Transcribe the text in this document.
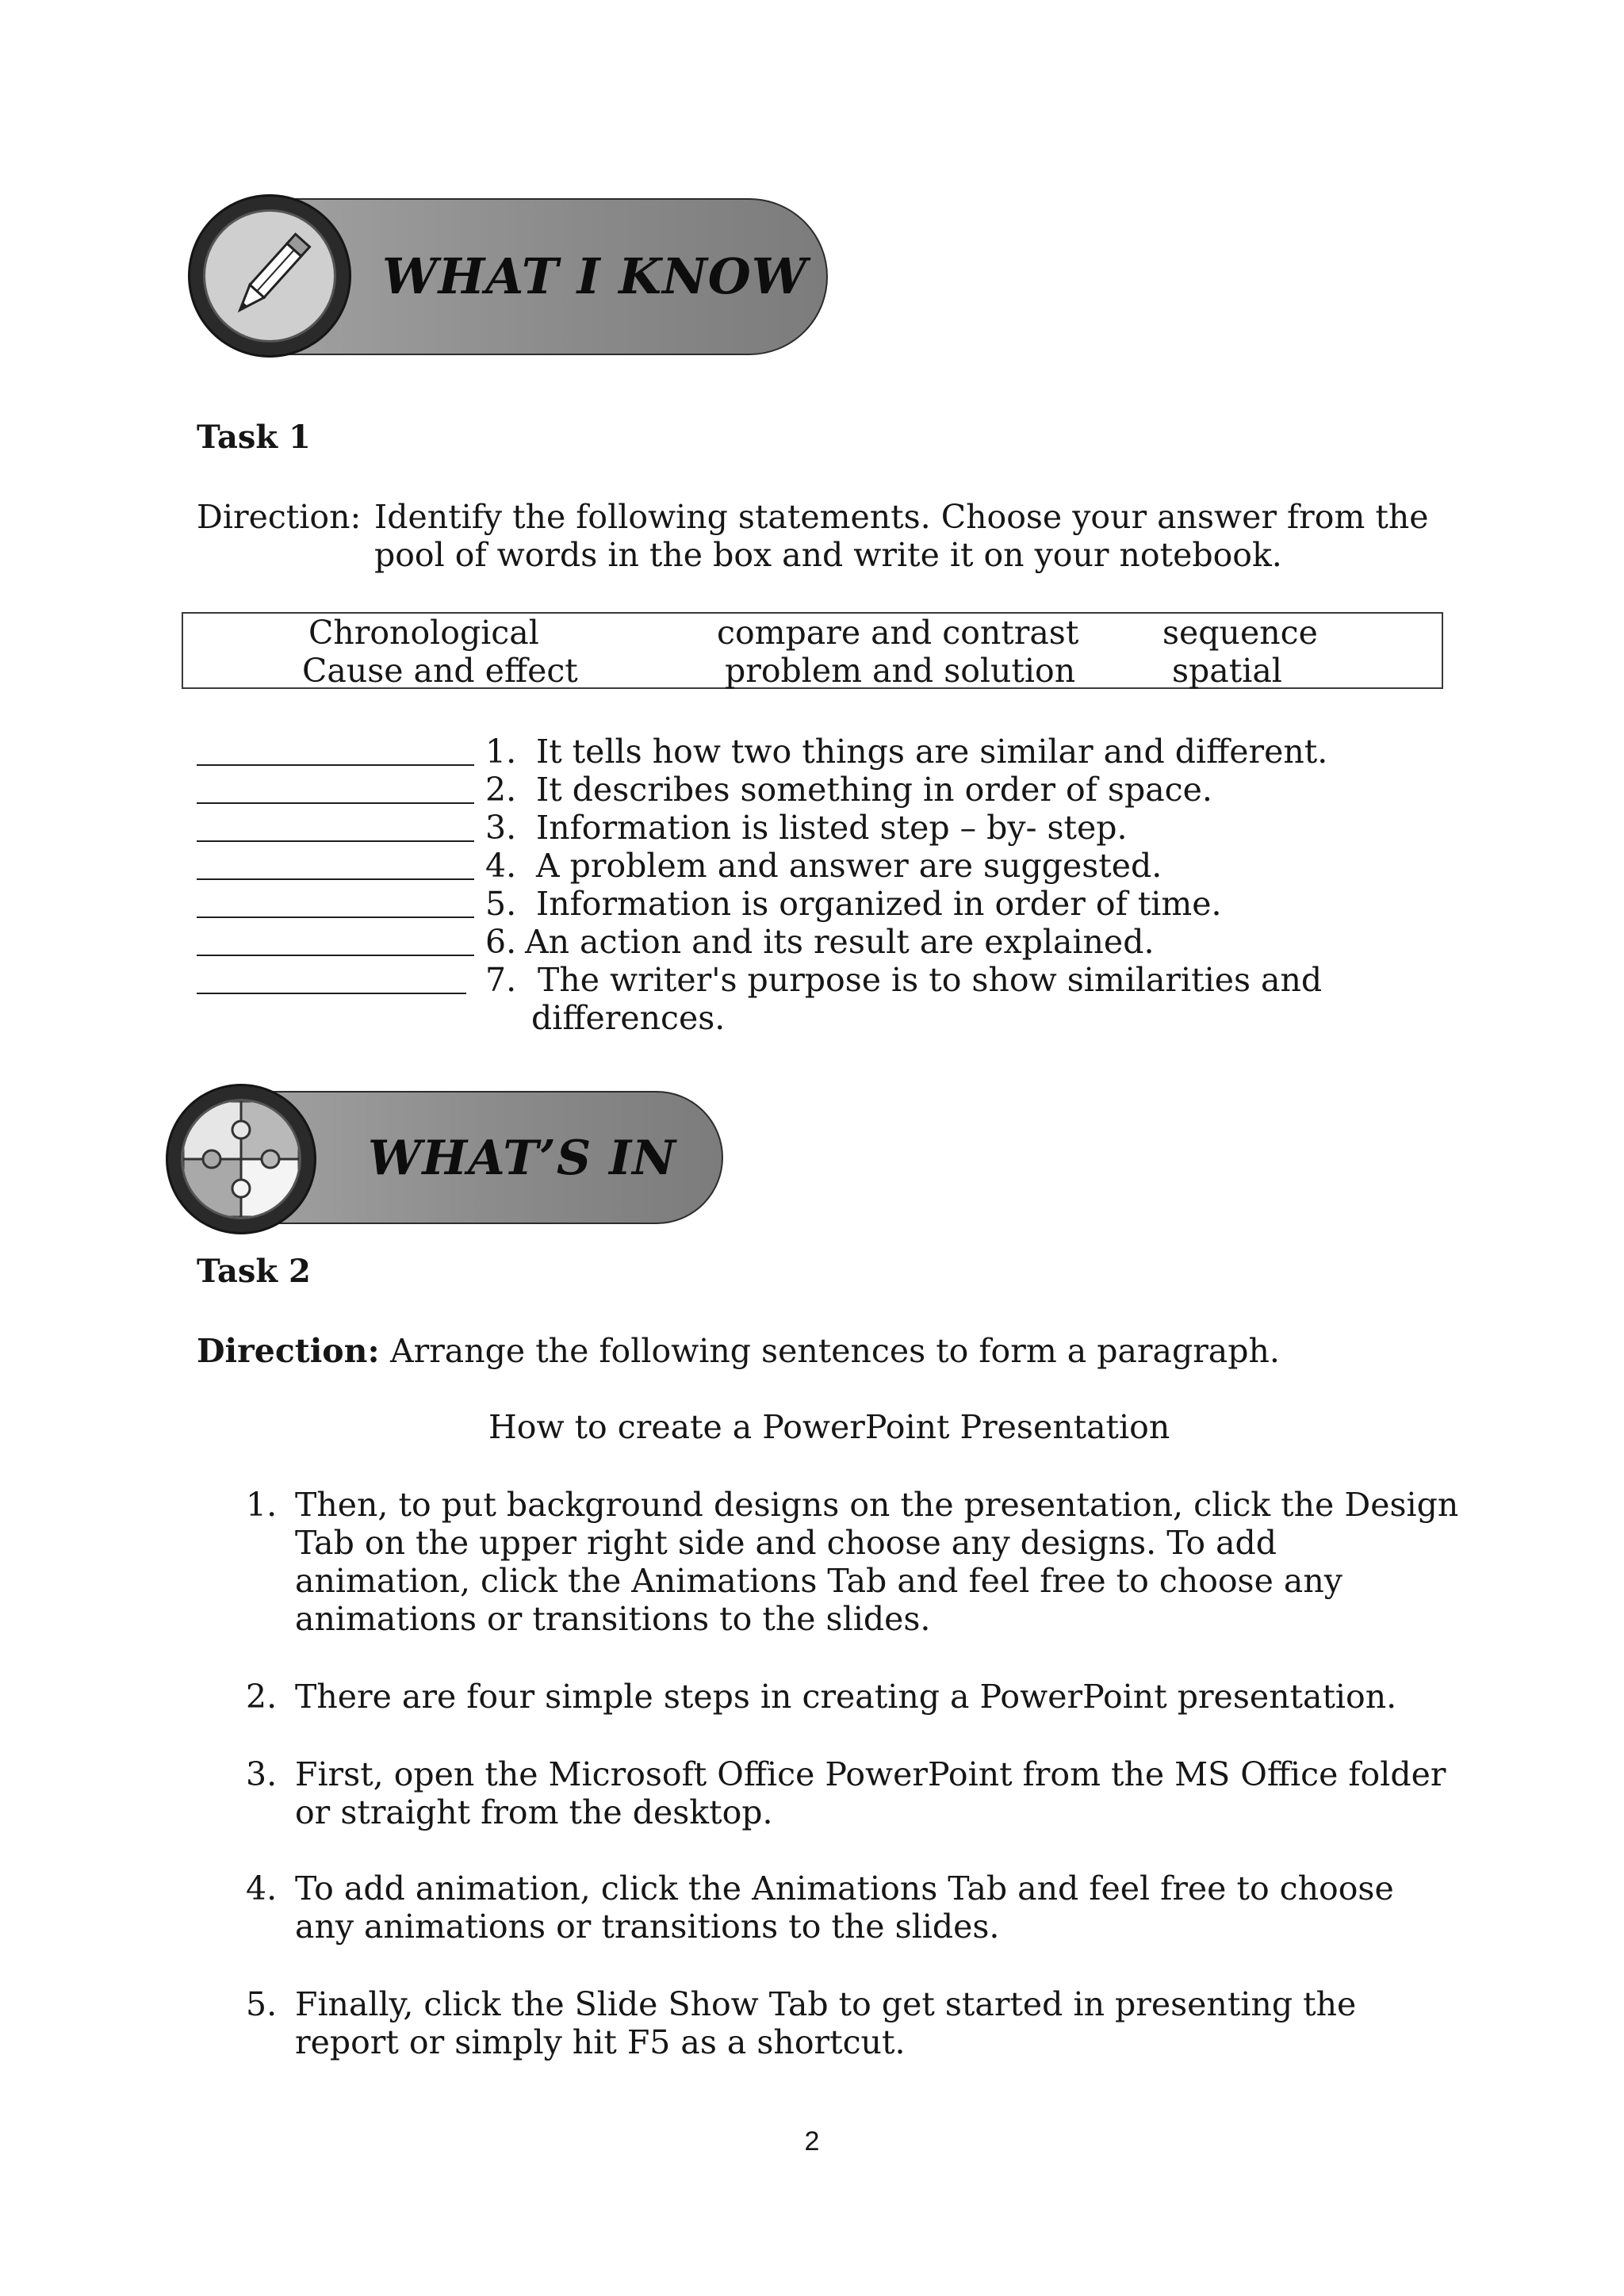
WHAT I KNOW
Task 1
Direction: Identify the following statements. Choose your answer from the
pool of words in the box and write it on your notebook.
Chronological	compare and contrast	sequence
Cause and effect	problem and solution	spatial
1. It tells how two things are similar and different.
2. It describes something in order of space.
3. Information is listed step – by- step.
4. A problem and answer are suggested.
5. Information is organized in order of time.
6. An action and its result are explained.
7. The writer's purpose is to show similarities and
differences.
WHAT’S IN
Task 2
Direction: Arrange the following sentences to form a paragraph.
How to create a PowerPoint Presentation
1. Then, to put background designs on the presentation, click the Design
Tab on the upper right side and choose any designs. To add
animation, click the Animations Tab and feel free to choose any
animations or transitions to the slides.
2. There are four simple steps in creating a PowerPoint presentation.
3. First, open the Microsoft Office PowerPoint from the MS Office folder
or straight from the desktop.
4. To add animation, click the Animations Tab and feel free to choose
any animations or transitions to the slides.
5. Finally, click the Slide Show Tab to get started in presenting the
report or simply hit F5 as a shortcut.
2
